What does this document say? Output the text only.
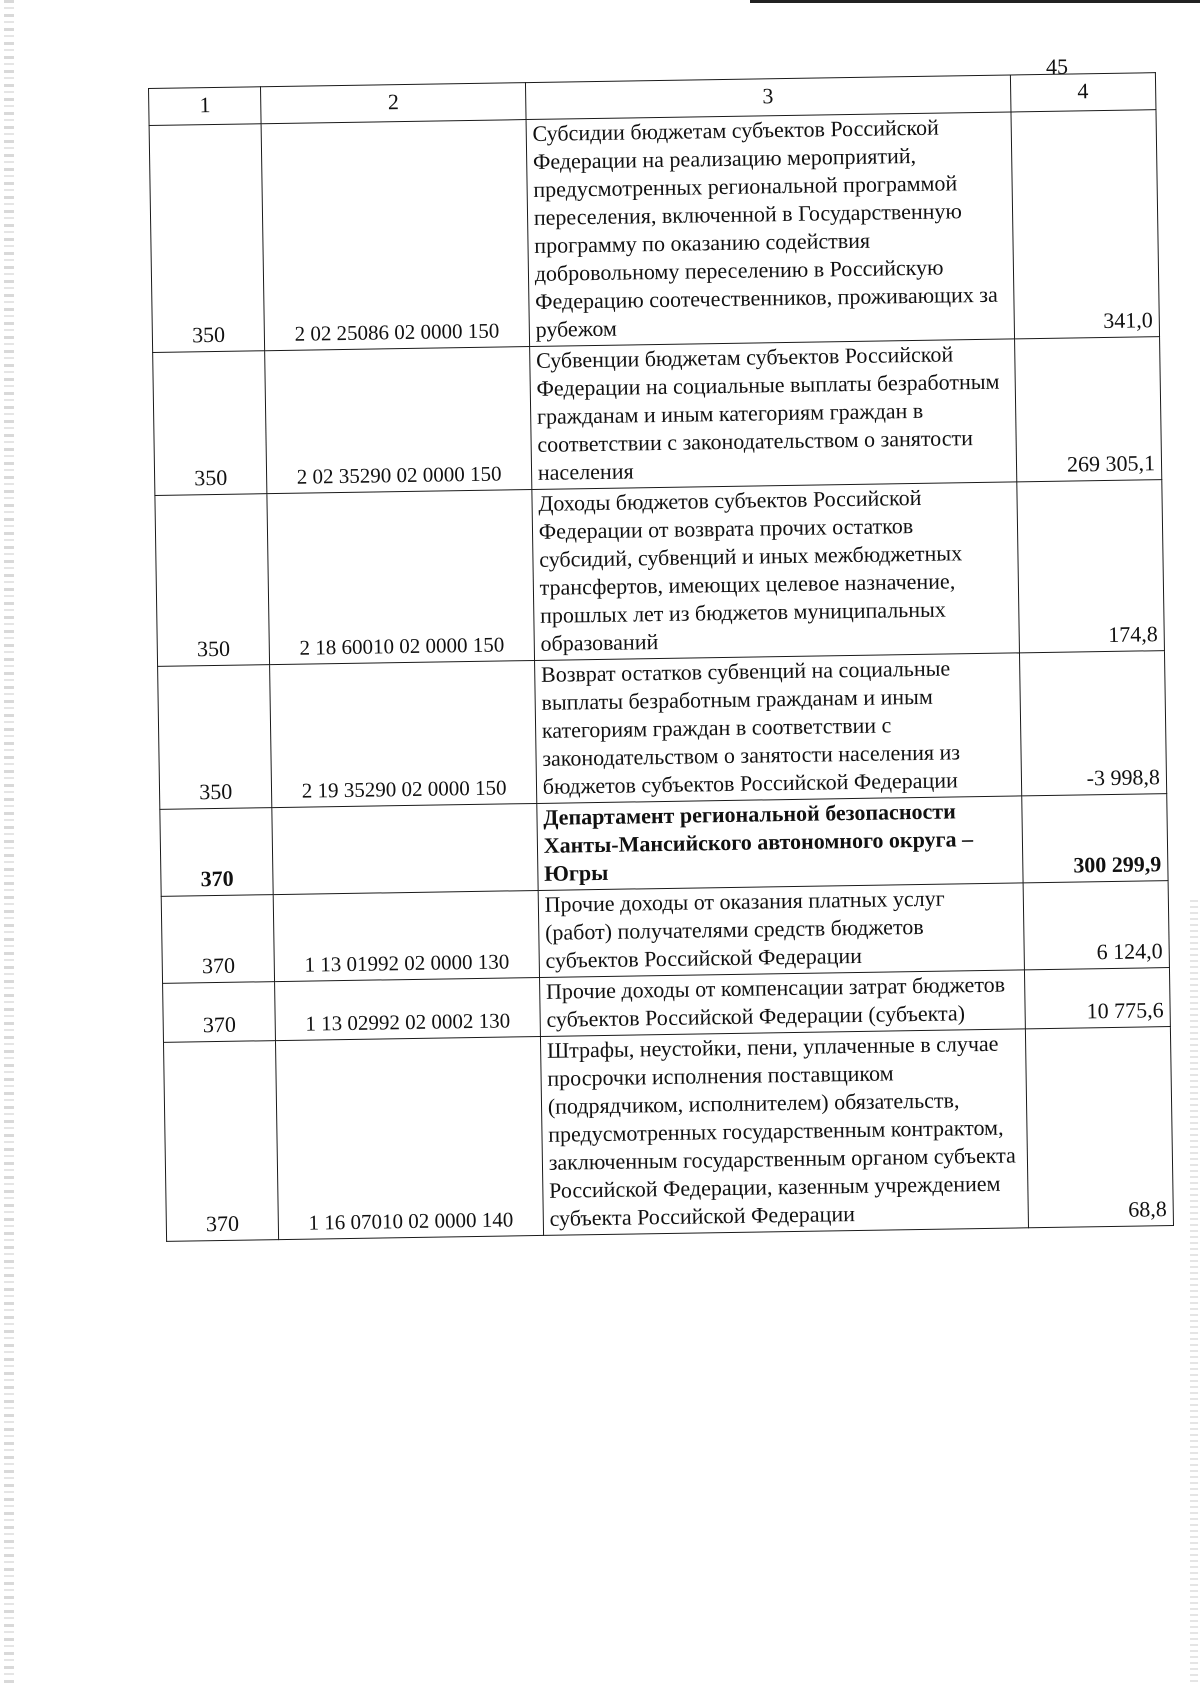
45
1	2	3	4
350	2 02 25086 02 0000 150	Субсидии бюджетам субъектов Российской Федерации на реализацию мероприятий, предусмотренных региональной программой переселения, включенной в Государственную программу по оказанию содействия добровольному переселению в Российскую Федерацию соотечественников, проживающих за рубежом	341,0
350	2 02 35290 02 0000 150	Субвенции бюджетам субъектов Российской Федерации на социальные выплаты безработным гражданам и иным категориям граждан в соответствии с законодательством о занятости населения	269 305,1
350	2 18 60010 02 0000 150	Доходы бюджетов субъектов Российской Федерации от возврата прочих остатков субсидий, субвенций и иных межбюджетных трансфертов, имеющих целевое назначение, прошлых лет из бюджетов муниципальных образований	174,8
350	2 19 35290 02 0000 150	Возврат остатков субвенций на социальные выплаты безработным гражданам и иным категориям граждан в соответствии с законодательством о занятости населения из бюджетов субъектов Российской Федерации	-3 998,8
370		Департамент региональной безопасности Ханты-Мансийского автономного округа – Югры	300 299,9
370	1 13 01992 02 0000 130	Прочие доходы от оказания платных услуг (работ) получателями средств бюджетов субъектов Российской Федерации	6 124,0
370	1 13 02992 02 0002 130	Прочие доходы от компенсации затрат бюджетов субъектов Российской Федерации (субъекта)	10 775,6
370	1 16 07010 02 0000 140	Штрафы, неустойки, пени, уплаченные в случае просрочки исполнения поставщиком (подрядчиком, исполнителем) обязательств, предусмотренных государственным контрактом, заключенным государственным органом субъекта Российской Федерации, казенным учреждением субъекта Российской Федерации	68,8
